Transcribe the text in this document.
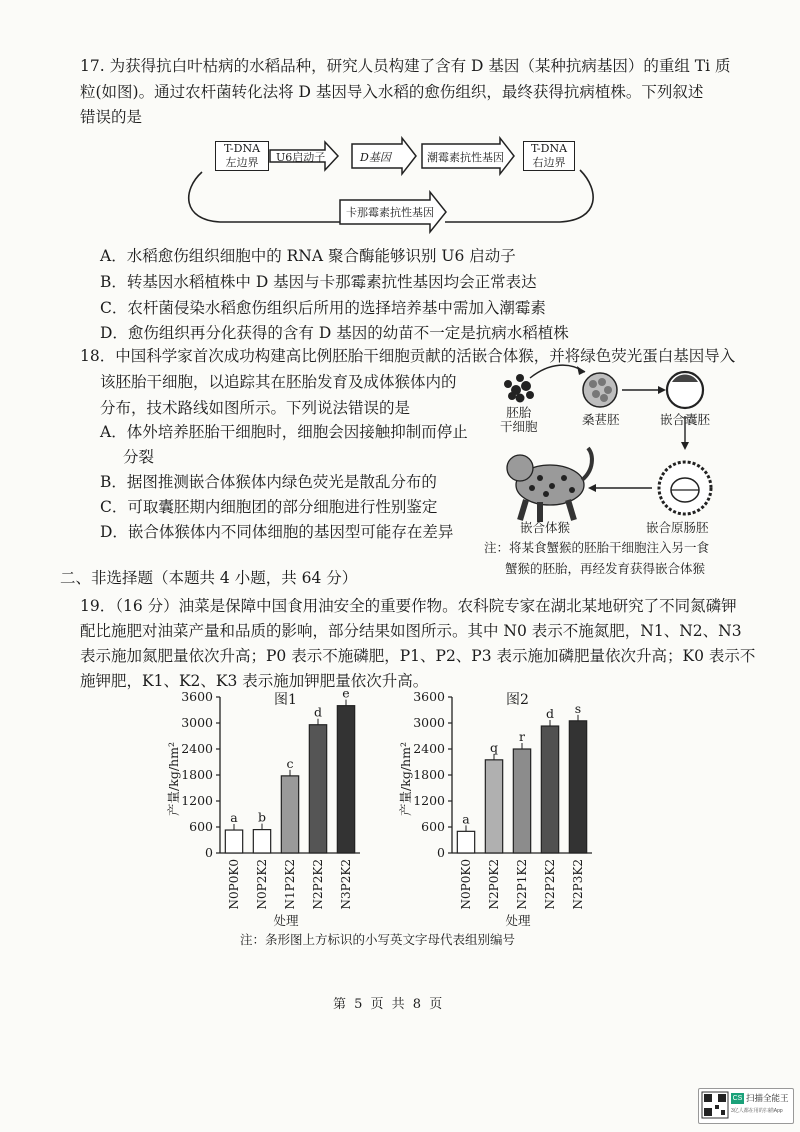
17. 为获得抗白叶枯病的水稻品种，研究人员构建了含有 D 基因（某种抗病基因）的重组 Ti 质
粒(如图)。通过农杆菌转化法将 D 基因导入水稻的愈伤组织，最终获得抗病植株。下列叙述
错误的是
T-DNA
左边界	U6启动子	D基因	潮霉素抗性基因
T-DNA
右边界
卡那霉素抗性基因
A．水稻愈伤组织细胞中的 RNA 聚合酶能够识别 U6 启动子
B．转基因水稻植株中 D 基因与卡那霉素抗性基因均会正常表达
C．农杆菌侵染水稻愈伤组织后所用的选择培养基中需加入潮霉素
D．愈伤组织再分化获得的含有 D 基因的幼苗不一定是抗病水稻植株
18．中国科学家首次成功构建高比例胚胎干细胞贡献的活嵌合体猴，并将绿色荧光蛋白基因导入
该胚胎干细胞，以追踪其在胚胎发育及成体猴体内的
分布，技术路线如图所示。下列说法错误的是
A．体外培养胚胎干细胞时，细胞会因接触抑制而停止
分裂
B．据图推测嵌合体猴体内绿色荧光是散乱分布的
C．可取囊胚期内细胞团的部分细胞进行性别鉴定
D．嵌合体猴体内不同体细胞的基因型可能存在差异
胚胎
干细胞	桑葚胚	嵌合囊胚
嵌合体猴	嵌合原肠胚
注：将某食蟹猴的胚胎干细胞注入另一食
蟹猴的胚胎，再经发育获得嵌合体猴
二、非选择题（本题共 4 小题，共 64 分）
19．（16 分）油菜是保障中国食用油安全的重要作物。农科院专家在湖北某地研究了不同氮磷钾
配比施肥对油菜产量和品质的影响，部分结果如图所示。其中 N0 表示不施氮肥，N1、N2、N3
表示施加氮肥量依次升高；P0 表示不施磷肥，P1、P2、P3 表示施加磷肥量依次升高；K0 表示不
施钾肥，K1、K2、K3 表示施加钾肥量依次升高。
图1
3600
3000
2400
1800
1200
600
0
产量/kg/hm²
a
N0P0K0
b
N0P2K2
c
N1P2K2
d
N2P2K2
e
N3P2K2
处理
图2
3600
3000
2400
1800
1200
600
0
产量/kg/hm²
a
N0P0K0
q
N2P0K2
r
N2P1K2
d
N2P2K2
s
N2P3K2
处理
注：条形图上方标识的小写英文字母代表组别编号
第 5 页 共 8 页
CS 扫描全能王
3亿人都在用的扫描App
